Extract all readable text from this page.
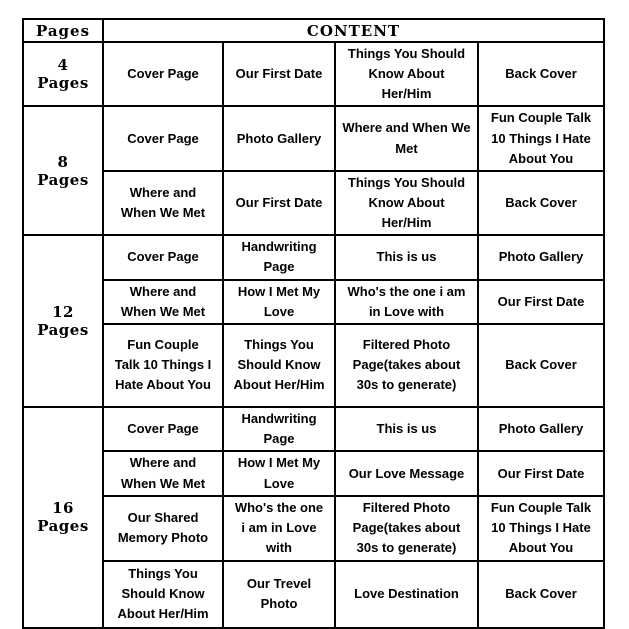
Pages	CONTENT			
4 Pages	Cover Page	Our First Date	Things You Should Know About Her/Him	Back Cover
8 Pages	Cover Page	Photo Gallery	Where and When We Met	Fun Couple Talk 10 Things I Hate About You
	Where and When We Met	Our First Date	Things You Should Know About Her/Him	Back Cover
12 Pages	Cover Page	Handwriting Page	This is us	Photo Gallery
	Where and When We Met	How I Met My Love	Who's the one i am in Love with	Our First Date
	Fun Couple Talk 10 Things I Hate About You	Things You Should Know About Her/Him	Filtered Photo Page(takes about 30s to generate)	Back Cover
16 Pages	Cover Page	Handwriting Page	This is us	Photo Gallery
	Where and When We Met	How I Met My Love	Our Love Message	Our First Date
	Our Shared Memory Photo	Who's the one i am in Love with	Filtered Photo Page(takes about 30s to generate)	Fun Couple Talk 10 Things I Hate About You
	Things You Should Know About Her/Him	Our Trevel Photo	Love Destination	Back Cover
